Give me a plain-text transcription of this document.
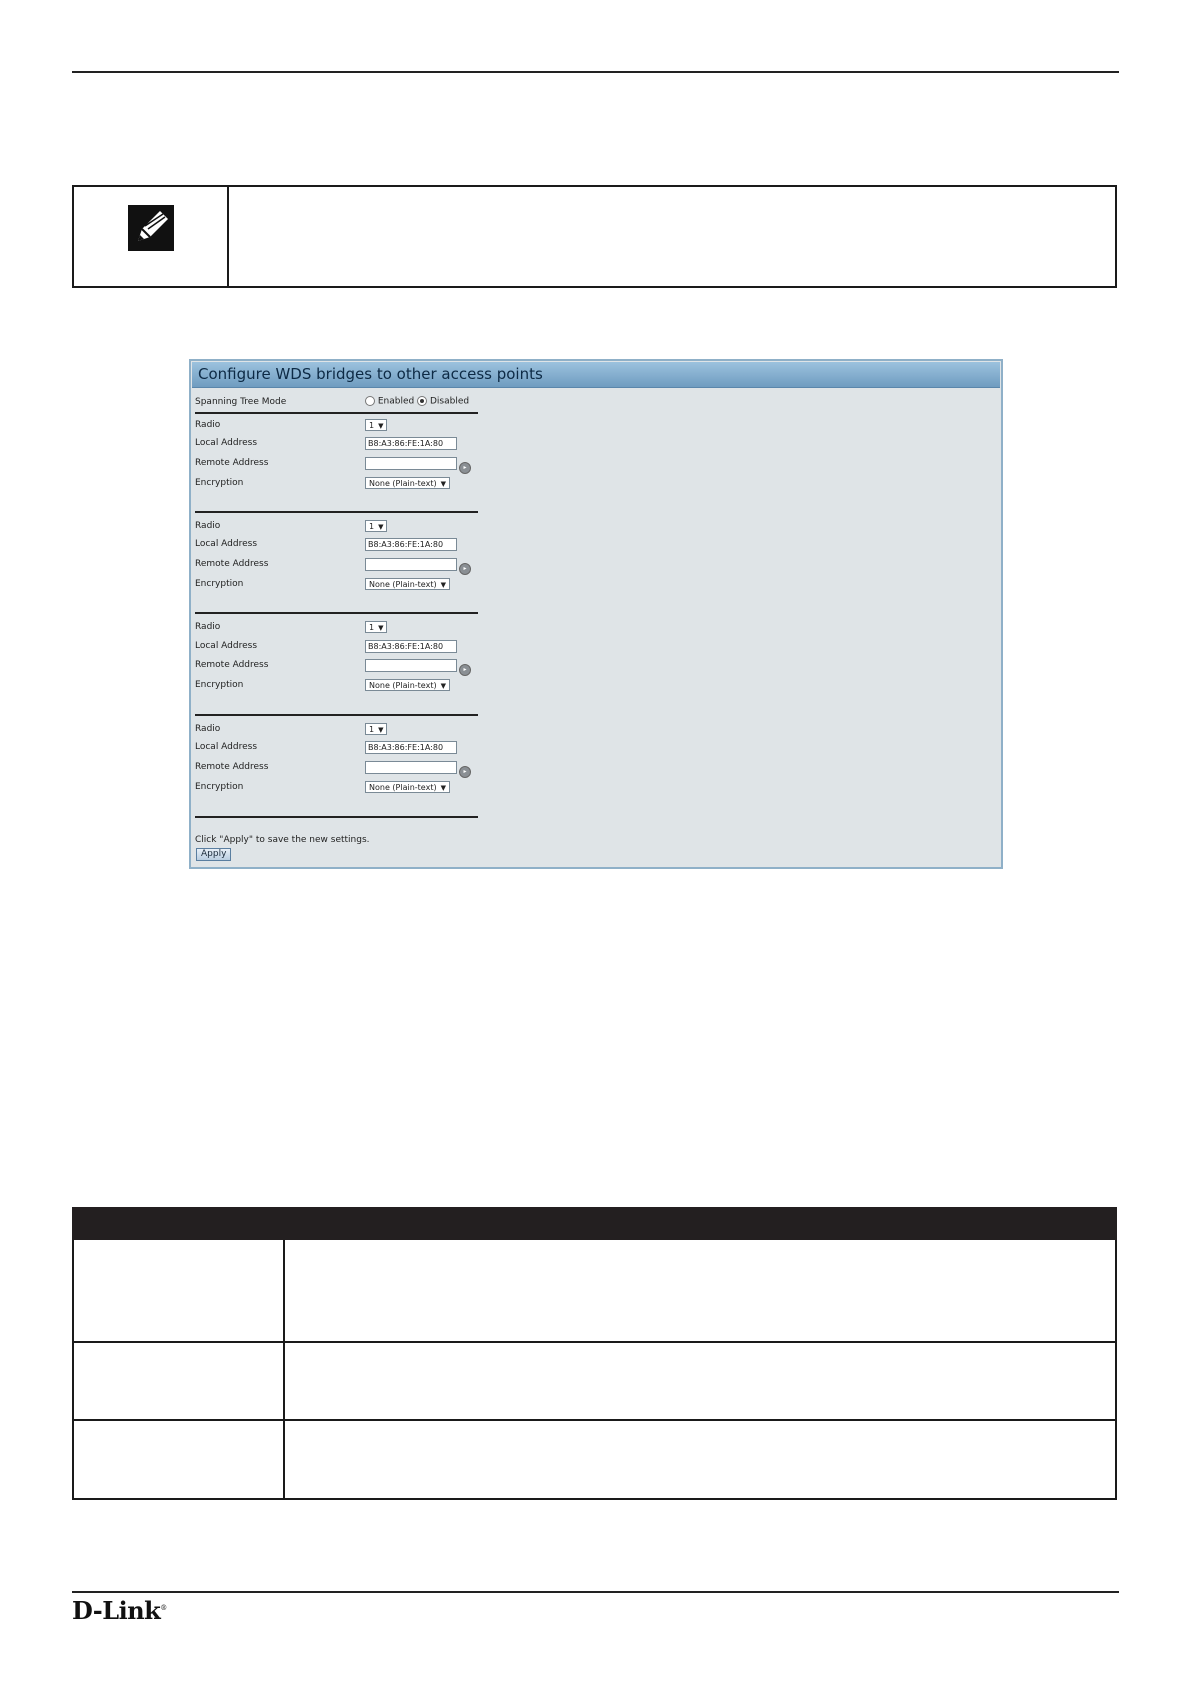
Configure WDS bridges to other access points
Spanning Tree Mode	Enabled Disabled
Radio	1 ▼
Local Address	B8:A3:86:FE:1A:80
Remote Address	▸
Encryption	None (Plain-text) ▼
Radio	1 ▼
Local Address	B8:A3:86:FE:1A:80
Remote Address	▸
Encryption	None (Plain-text) ▼
Radio	1 ▼
Local Address	B8:A3:86:FE:1A:80
Remote Address	▸
Encryption	None (Plain-text) ▼
Radio	1 ▼
Local Address	B8:A3:86:FE:1A:80
Remote Address	▸
Encryption	None (Plain-text) ▼
Click "Apply" to save the new settings.
Apply
D-Link®
